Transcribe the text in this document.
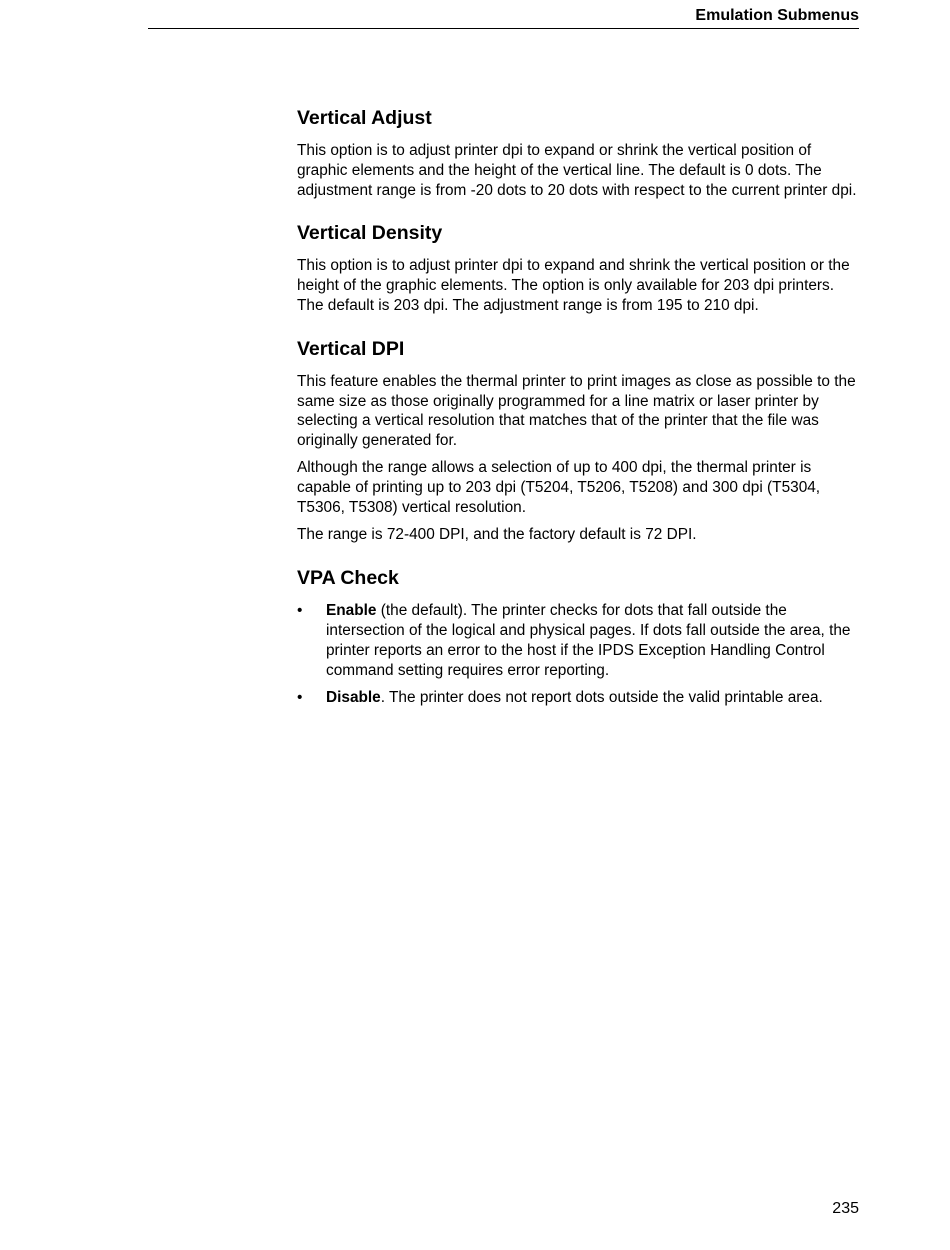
Emulation Submenus
Vertical Adjust

This option is to adjust printer dpi to expand or shrink the vertical position of graphic elements and the height of the vertical line. The default is 0 dots. The adjustment range is from -20 dots to 20 dots with respect to the current printer dpi.

Vertical Density

This option is to adjust printer dpi to expand and shrink the vertical position or the height of the graphic elements. The option is only available for 203 dpi printers. The default is 203 dpi. The adjustment range is from 195 to 210 dpi.

Vertical DPI

This feature enables the thermal printer to print images as close as possible to the same size as those originally programmed for a line matrix or laser printer by selecting a vertical resolution that matches that of the printer that the file was originally generated for.

Although the range allows a selection of up to 400 dpi, the thermal printer is capable of printing up to 203 dpi (T5204, T5206, T5208) and 300 dpi (T5304, T5306, T5308) vertical resolution.

The range is 72-400 DPI, and the factory default is 72 DPI.

VPA Check
• Enable (the default). The printer checks for dots that fall outside the intersection of the logical and physical pages. If dots fall outside the area, the printer reports an error to the host if the IPDS Exception Handling Control command setting requires error reporting.
• Disable. The printer does not report dots outside the valid printable area.
235
